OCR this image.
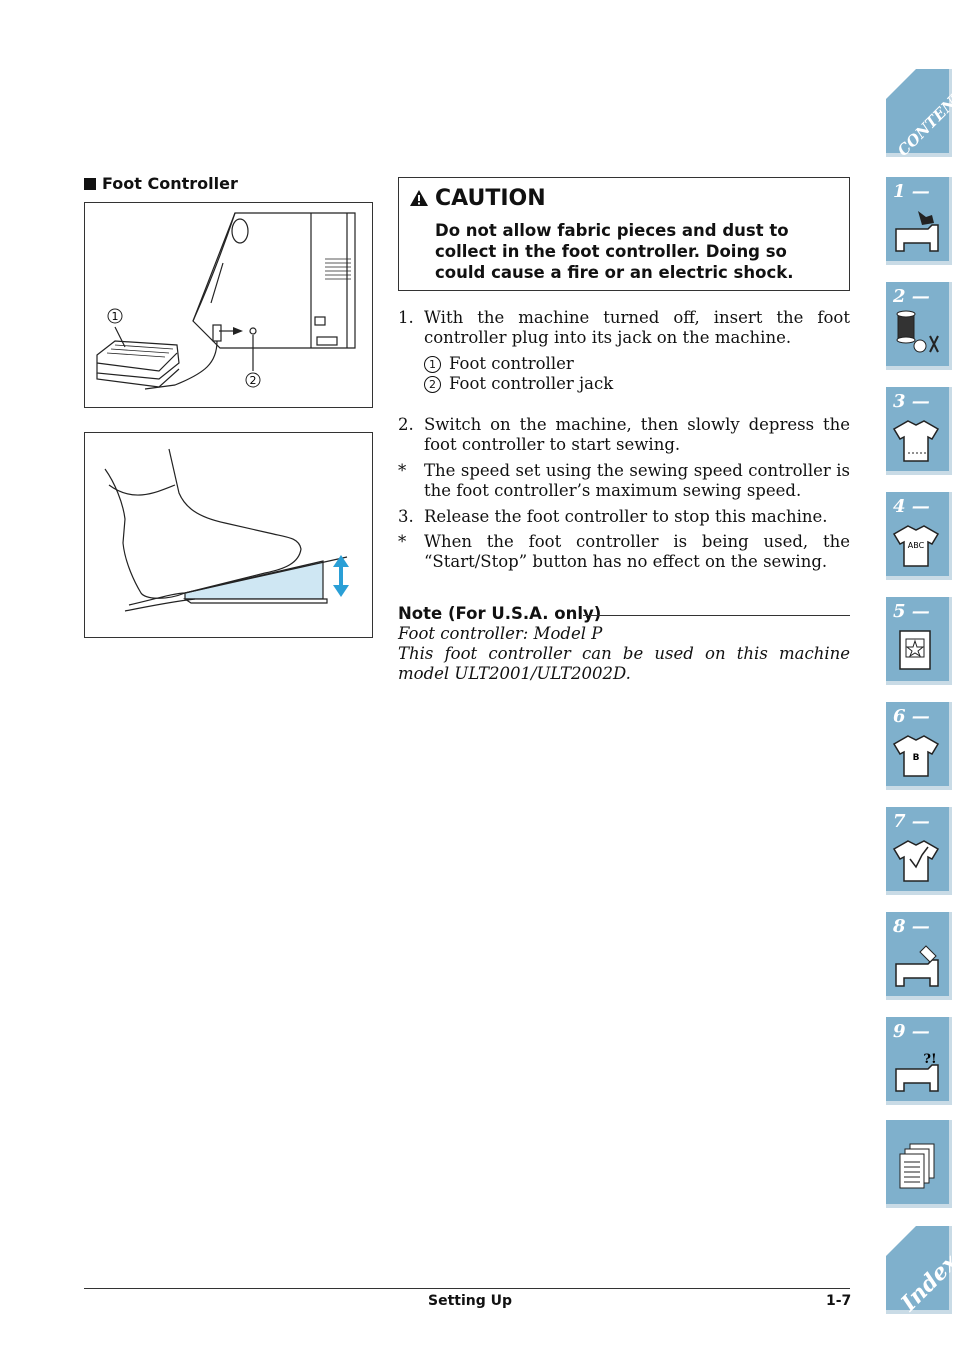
Foot Controller
1
2
CAUTION
Do not allow fabric pieces and dust to collect in the foot controller. Doing so could cause a fire or an electric shock.
1. With the machine turned off, insert the foot controller plug into its jack on the machine.
1 Foot controller
2 Foot controller jack
2. Switch on the machine, then slowly depress the foot controller to start sewing.
*	The speed set using the sewing speed controller is the foot controller’s maximum sewing speed.
3. Release the foot controller to stop this machine.
*	When the foot controller is being used, the “Start/Stop” button has no effect on the sewing.
Note (For U.S.A. only)
Foot controller: Model P
This foot controller can be used on this machine model ULT2001/ULT2002D.
Setting Up	1-7
CONTENTS
1 —
2 —
3 —
4 —
ABC
5 —
6 —
B
7 —
8 —
9 —
?!
Index
